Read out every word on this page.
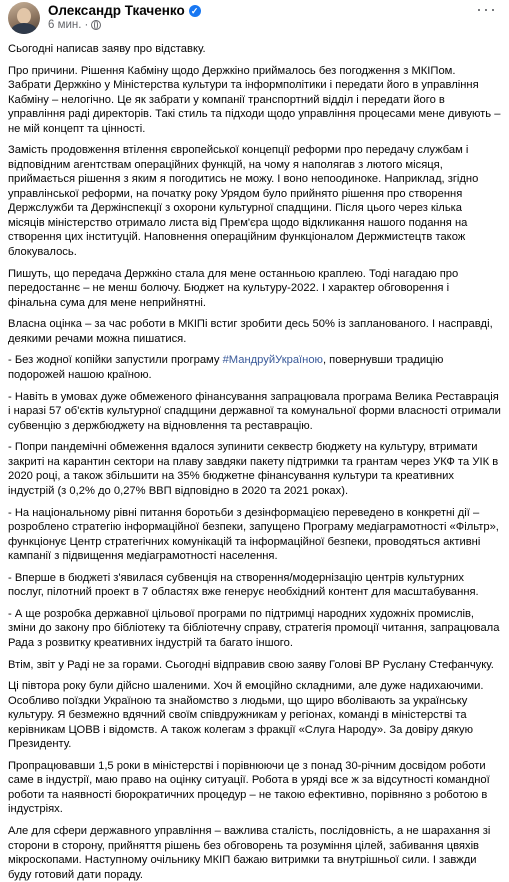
Олександр Ткаченко ✓
6 мин. ·
···

Сьогодні написав заяву про відставку.

Про причини. Рішення Кабміну щодо Держкіно приймалось без погодження з МКІПом. Забрати Держкіно у Міністерства культури та інформполітики і передати його в управління Кабміну – нелогічно. Це як забрати у компанії транспортний відділ і передати його в управління раді директорів. Такі стиль та підходи щодо управління процесами мене дивують – не мій концепт та цінності.

Замість продовження втілення європейської концепції реформи про передачу службам і відповідним агентствам операційних функцій, на чому я наполягав з лютого місяця, приймається рішення з яким я погодитись не можу. І воно непоодиноке. Наприклад, згідно управлінської реформи, на початку року Урядом було прийнято рішення про створення Держслужби та Держінспекції з охорони культурної спадщини. Після цього через кілька місяців міністерство отримало листа від Прем'єра щодо відкликання нашого подання на створення цих інституцій. Наповнення операційним функціоналом Держмистецтв також блокувалось.

Пишуть, що передача Держкіно стала для мене останньою краплею. Тоді нагадаю про передостаннє – не менш болючу. Бюджет на культуру-2022. І характер обговорення і фінальна сума для мене неприйнятні.

Власна оцінка – за час роботи в МКІПі встиг зробити десь 50% із запланованого. І насправді, деякими речами можна пишатися.

- Без жодної копійки запустили програму #МандруйУкраїною, повернувши традицію подорожей нашою країною.

- Навіть в умовах дуже обмеженого фінансування запрацювала програма Велика Реставрація і наразі 57 об'єктів культурної спадщини державної та комунальної форми власності отримали субвенцію з держбюджету на відновлення та реставрацію.

- Попри пандемічні обмеження вдалося зупинити секвестр бюджету на культуру, втримати закриті на карантин сектори на плаву завдяки пакету підтримки та грантам через УКФ та УІК в 2020 році, а також збільшити на 35% бюджетне фінансування культури та креативних індустрій (з 0,2% до 0,27% ВВП відповідно в 2020 та 2021 роках).

- На національному рівні питання боротьби з дезінформацією переведено в конкретні дії – розроблено стратегію інформаційної безпеки, запущено Програму медіаграмотності «Фільтр», функціонує Центр стратегічних комунікацій та інформаційної безпеки, проводяться активні кампанії з підвищення медіаграмотності населення.

- Вперше в бюджеті з'явилася субвенція на створення/модернізацію центрів культурних послуг, пілотний проект в 7 областях вже генерує необхідний контент для масштабування.

- А ще розробка державної цільової програми по підтримці народних художніх промислів, зміни до закону про бібліотеку та бібліотечну справу, стратегія промоції читання, запрацювала Рада з розвитку креативних індустрій та багато іншого.

Втім, звіт у Раді не за горами. Сьогодні відправив свою заяву Голові ВР Руслану Стефанчуку.

Ці півтора року були дійсно шаленими. Хоч й емоційно складними, але дуже надихаючими. Особливо поїздки Україною та знайомство з людьми, що щиро вболівають за українську культуру. Я безмежно вдячний своїм співдружникам у регіонах, команді в міністерстві та керівникам ЦОВВ і відомств. А також колегам з фракції «Слуга Народу». За довіру дякую Президенту.

Пропрацювавши 1,5 роки в міністерстві і порівнюючи це з понад 30-річним досвідом роботи саме в індустрії, маю право на оцінку ситуації. Робота в уряді все ж за відсутності командної роботи та наявності бюрократичних процедур – не такою ефективно, порівняно з роботою в індустріях.

Але для сфери державного управління – важлива сталість, послідовність, а не шарахання зі сторони в сторону, прийняття рішень без обговорень та розуміння цілей, забивання цвяхів мікроскопами. Наступному очільнику МКІП бажаю витримки та внутрішньої сили. І завжди буду готовий дати пораду.
